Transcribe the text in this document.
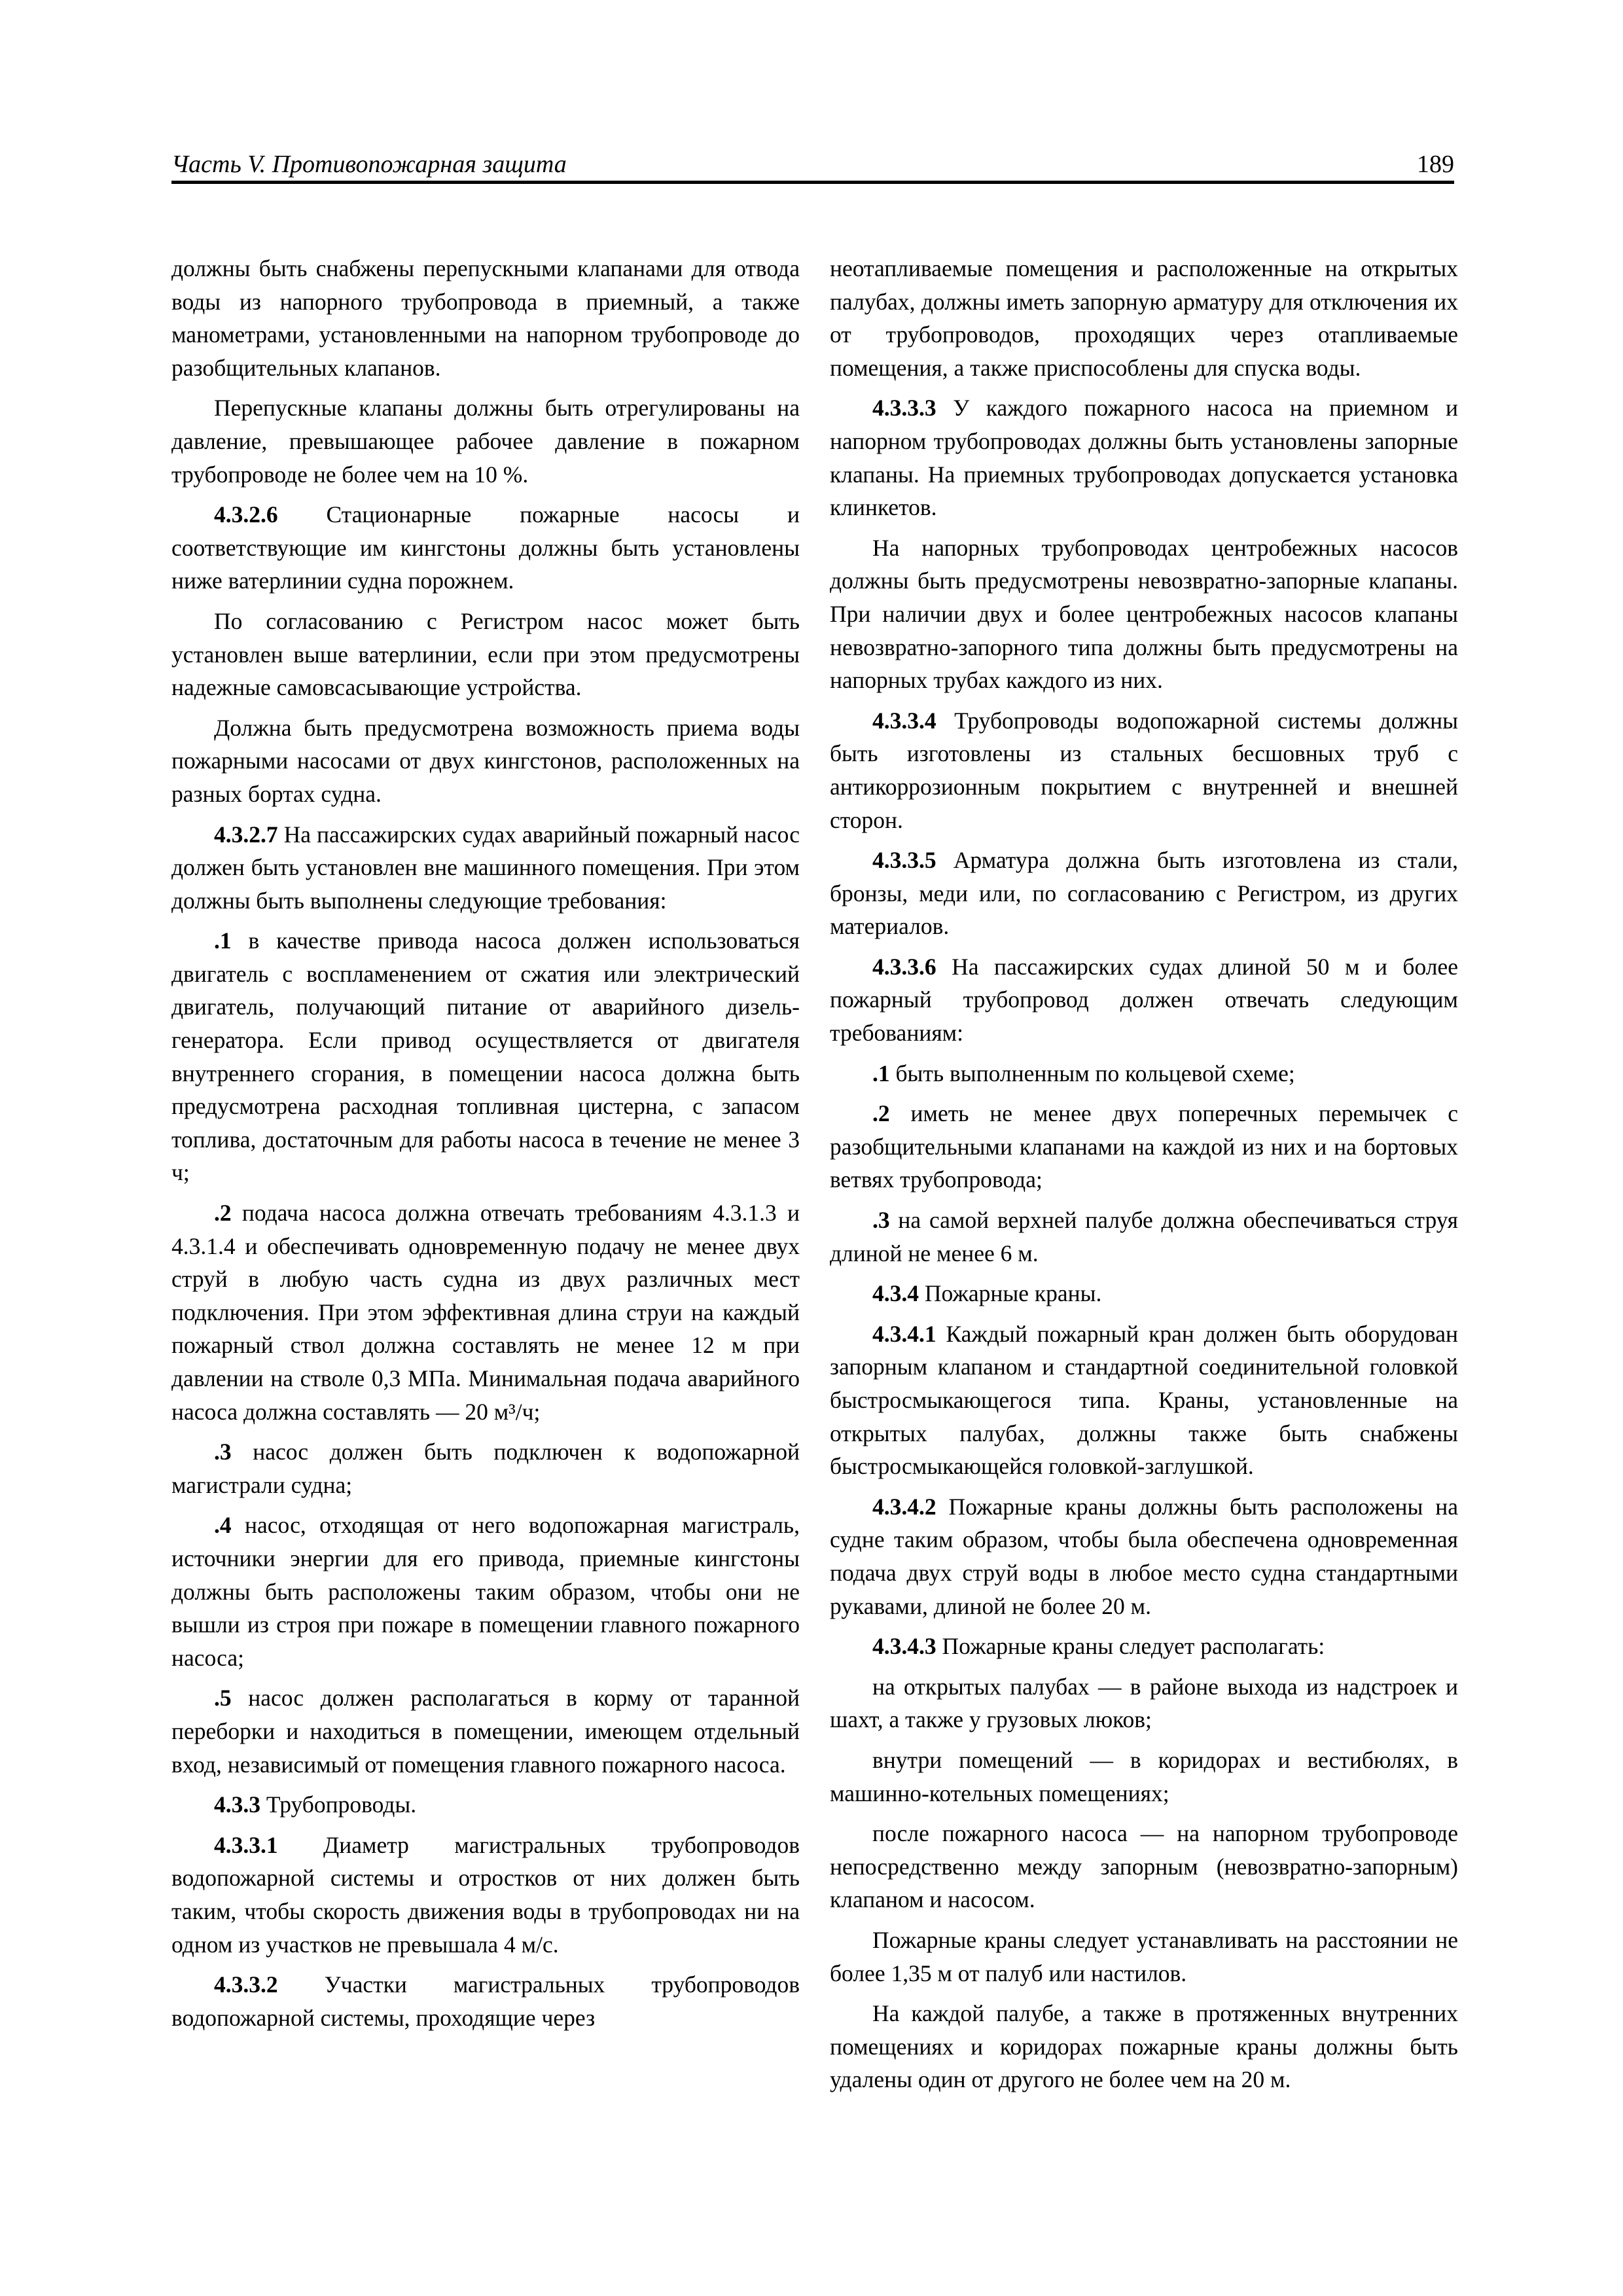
Часть V. Противопожарная защита	189

должны быть снабжены перепускными клапанами для отвода воды из напорного трубопровода в приемный, а также манометрами, установленными на напорном трубопроводе до разобщительных клапанов.

Перепускные клапаны должны быть отрегулированы на давление, превышающее рабочее давление в пожарном трубопроводе не более чем на 10 %.

4.3.2.6 Стационарные пожарные насосы и соответствующие им кингстоны должны быть установлены ниже ватерлинии судна порожнем.

По согласованию с Регистром насос может быть установлен выше ватерлинии, если при этом предусмотрены надежные самовсасывающие устройства.

Должна быть предусмотрена возможность приема воды пожарными насосами от двух кингстонов, расположенных на разных бортах судна.

4.3.2.7 На пассажирских судах аварийный пожарный насос должен быть установлен вне машинного помещения. При этом должны быть выполнены следующие требования:

.1 в качестве привода насоса должен использоваться двигатель с воспламенением от сжатия или электрический двигатель, получающий питание от аварийного дизель-генератора. Если привод осуществляется от двигателя внутреннего сгорания, в помещении насоса должна быть предусмотрена расходная топливная цистерна, с запасом топлива, достаточным для работы насоса в течение не менее 3 ч;

.2 подача насоса должна отвечать требованиям 4.3.1.3 и 4.3.1.4 и обеспечивать одновременную подачу не менее двух струй в любую часть судна из двух различных мест подключения. При этом эффективная длина струи на каждый пожарный ствол должна составлять не менее 12 м при давлении на стволе 0,3 МПа. Минимальная подача аварийного насоса должна составлять — 20 м³/ч;

.3 насос должен быть подключен к водопожарной магистрали судна;

.4 насос, отходящая от него водопожарная магистраль, источники энергии для его привода, приемные кингстоны должны быть расположены таким образом, чтобы они не вышли из строя при пожаре в помещении главного пожарного насоса;

.5 насос должен располагаться в корму от таранной переборки и находиться в помещении, имеющем отдельный вход, независимый от помещения главного пожарного насоса.

4.3.3 Трубопроводы.

4.3.3.1 Диаметр магистральных трубопроводов водопожарной системы и отростков от них должен быть таким, чтобы скорость движения воды в трубопроводах ни на одном из участков не превышала 4 м/с.

4.3.3.2 Участки магистральных трубопроводов водопожарной системы, проходящие через

неотапливаемые помещения и расположенные на открытых палубах, должны иметь запорную арматуру для отключения их от трубопроводов, проходящих через отапливаемые помещения, а также приспособлены для спуска воды.

4.3.3.3 У каждого пожарного насоса на приемном и напорном трубопроводах должны быть установлены запорные клапаны. На приемных трубопроводах допускается установка клинкетов.

На напорных трубопроводах центробежных насосов должны быть предусмотрены невозвратно-запорные клапаны. При наличии двух и более центробежных насосов клапаны невозвратно-запорного типа должны быть предусмотрены на напорных трубах каждого из них.

4.3.3.4 Трубопроводы водопожарной системы должны быть изготовлены из стальных бесшовных труб с антикоррозионным покрытием с внутренней и внешней сторон.

4.3.3.5 Арматура должна быть изготовлена из стали, бронзы, меди или, по согласованию с Регистром, из других материалов.

4.3.3.6 На пассажирских судах длиной 50 м и более пожарный трубопровод должен отвечать следующим требованиям:

.1 быть выполненным по кольцевой схеме;

.2 иметь не менее двух поперечных перемычек с разобщительными клапанами на каждой из них и на бортовых ветвях трубопровода;

.3 на самой верхней палубе должна обеспечиваться струя длиной не менее 6 м.

4.3.4 Пожарные краны.

4.3.4.1 Каждый пожарный кран должен быть оборудован запорным клапаном и стандартной соединительной головкой быстросмыкающегося типа. Краны, установленные на открытых палубах, должны также быть снабжены быстросмыкающейся головкой-заглушкой.

4.3.4.2 Пожарные краны должны быть расположены на судне таким образом, чтобы была обеспечена одновременная подача двух струй воды в любое место судна стандартными рукавами, длиной не более 20 м.

4.3.4.3 Пожарные краны следует располагать:

на открытых палубах — в районе выхода из надстроек и шахт, а также у грузовых люков;

внутри помещений — в коридорах и вестибюлях, в машинно-котельных помещениях;

после пожарного насоса — на напорном трубопроводе непосредственно между запорным (невозвратно-запорным) клапаном и насосом.

Пожарные краны следует устанавливать на расстоянии не более 1,35 м от палуб или настилов.

На каждой палубе, а также в протяженных внутренних помещениях и коридорах пожарные краны должны быть удалены один от другого не более чем на 20 м.
